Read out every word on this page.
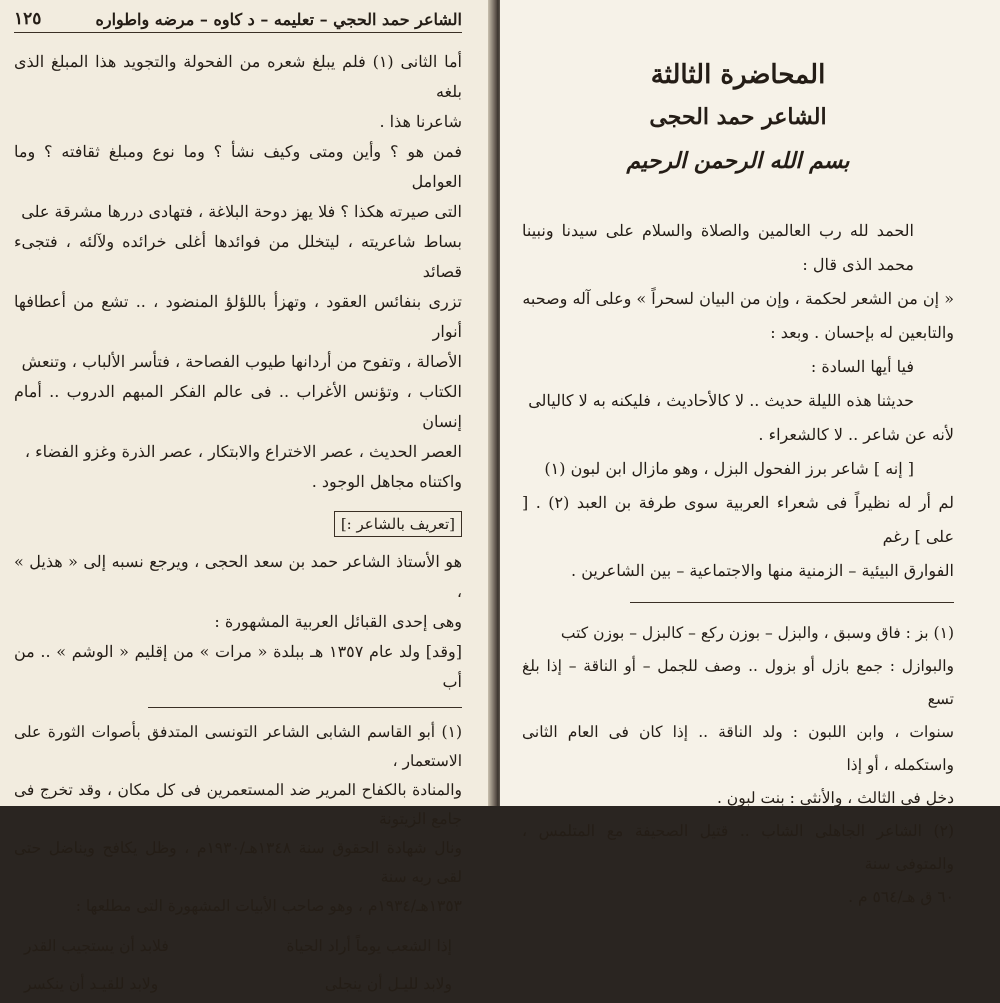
الشاعر حمد الحجي – تعليمه – د كاوه – مرضه واطواره
١٢٥

أما الثانى (١) فلم يبلغ شعره من الفحولة والتجويد هذا المبلغ الذى بلغه

شاعرنا هذا .

فمن هو ؟ وأين ومتى وكيف نشأ ؟ وما نوع ومبلغ ثقافته ؟ وما العوامل

التى صيرته هكذا ؟ فلا يهز دوحة البلاغة ، فتهادى دررها مشرقة على

بساط شاعريته ، ليتخلل من فوائدها أغلى خرائده ولآلئه ، فتجىء قصائد

تزرى بنفائس العقود ، وتهزأ باللؤلؤ المنضود ، .. تشع من أعطافها أنوار

الأصالة ، وتفوح من أردانها طيوب الفصاحة ، فتأسر الألباب ، وتنعش

الكتاب ، وتؤنس الأغراب .. فى عالم الفكر المبهم الدروب .. أمام إنسان

العصر الحديث ، عصر الاختراع والابتكار ، عصر الذرة وغزو الفضاء ،

واكتناه مجاهل الوجود .

[تعريف بالشاعر :]

هو الأستاذ الشاعر حمد بن سعد الحجى ، ويرجع نسبه إلى « هذيل » ،

وهى إحدى القبائل العربية المشهورة :

[وقد] ولد عام ١٣٥٧ هـ ببلدة « مرات » من إقليم « الوشم » .. من أب

(١) أبو القاسم الشابى الشاعر التونسى المتدفق بأصوات الثورة على الاستعمار ،

والمنادة بالكفاح المرير ضد المستعمرين فى كل مكان ، وقد تخرج فى جامع الزيتونة

ونال شهادة الحقوق سنة ١٣٤٨هـ/١٩٣٠م ، وظل يكافح ويناضل حتى لقى ربه سنة

١٣٥٣هـ/١٩٣٤م ، وهو صاحب الأبيات المشهورة التى مطلعها :

إذا الشعب يوماً أراد الحياة
فلابد أن يستجيب القدر
ولابد لليـل أن ينجلى
ولابد للقيـد أن ينكسر
المحاضرة الثالثة
الشاعر حمد الحجى
بسم الله الرحمن الرحيم

الحمد لله رب العالمين والصلاة والسلام على سيدنا ونبينا محمد الذى قال :

« إن من الشعر لحكمة ، وإن من البيان لسحراً » وعلى آله وصحبه

والتابعين له بإحسان . وبعد :

فيا أيها السادة :

حديثنا هذه الليلة حديث .. لا كالأحاديث ، فليكنه به لا كاليالى

لأنه عن شاعر .. لا كالشعراء .

[ إنه ] شاعر برز الفحول البزل ، وهو مازال ابن لبون (١)

لم أر له نظيراً فى شعراء العربية سوى طرفة بن العبد (٢) . [ على ] رغم

الفوارق البيئية – الزمنية منها والاجتماعية – بين الشاعرين .

(١) بز : فاق وسبق ، والبزل – بوزن ركع – كالبزل – بوزن كتب

والبوازل : جمع بازل أو بزول .. وصف للجمل – أو الناقة – إذا بلغ تسع

سنوات ، وابن اللبون : ولد الناقة .. إذا كان فى العام الثانى واستكمله ، أو إذا

دخل فى الثالث ، والأنثى : بنت لبون .

(٢) الشاعر الجاهلى الشاب .. قتيل الصحيفة مع المتلمس ، والمتوفى سنة

٦٠ ق هـ/٥٦٤ م .
